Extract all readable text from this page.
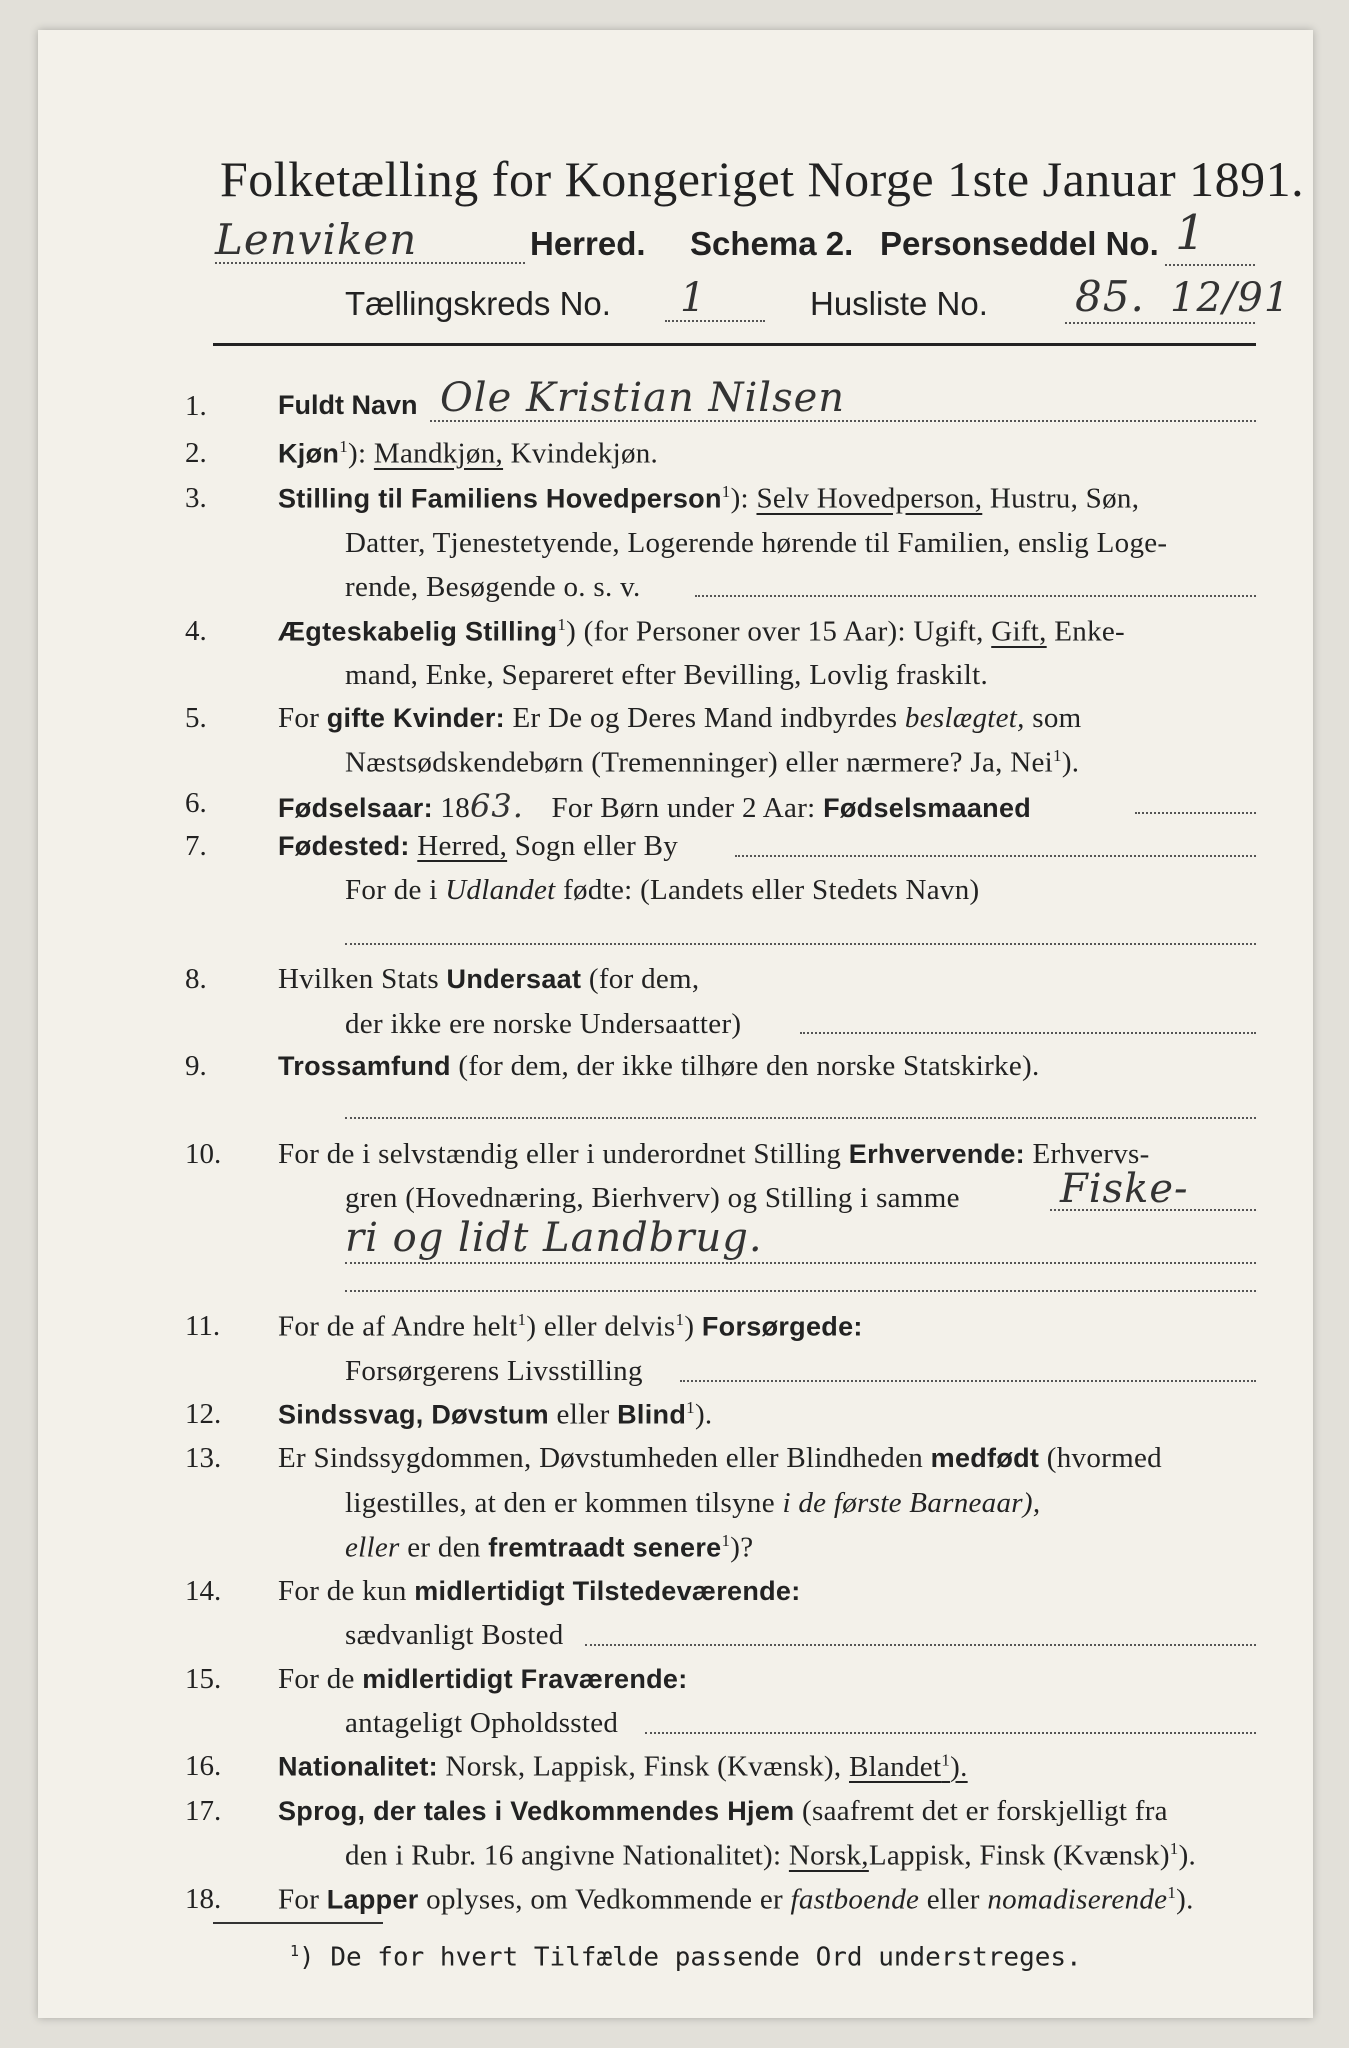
Folketælling for Kongeriget Norge 1ste Januar 1891.
Lenviken	Herred. Schema 2. Personseddel No. 1
Tællingskreds No. 1	Husliste No. 85. 12/91
1.	Fuldt Navn Ole Kristian Nilsen
2.	Kjøn$^1$): Mandkjøn, Kvindekjøn.
3.	Stilling til Familiens Hovedperson$^1$): Selv Hovedperson, Hustru, Søn,
Datter, Tjenestetyende, Logerende hørende til Familien, enslig Loge-
rende, Besøgende o. s. v.
4.	Ægteskabelig Stilling$^1$) (for Personer over 15 Aar): Ugift, Gift, Enke-
mand, Enke, Separeret efter Bevilling, Lovlig fraskilt.
5.	For gifte Kvinder: Er De og Deres Mand indbyrdes beslægtet, som
Næstsødskendebørn (Tremenninger) eller nærmere? Ja, Nei$^1$).
6.	Fødselsaar: 1863. For Børn under 2 Aar: Fødselsmaaned
7.	Fødested: Herred, Sogn eller By
For de i Udlandet fødte: (Landets eller Stedets Navn)
8.	Hvilken Stats Undersaat (for dem,
der ikke ere norske Undersaatter)
9.	Trossamfund (for dem, der ikke tilhøre den norske Statskirke).
10.	For de i selvstændig eller i underordnet Stilling Erhvervende: Erhvervs-
gren (Hovednæring, Bierhverv) og Stilling i samme	Fiske-
ri og lidt Landbrug.
11.	For de af Andre helt$^1$) eller delvis$^1$) Forsørgede:
Forsørgerens Livsstilling
12.	Sindssvag, Døvstum eller Blind$^1$).
13.	Er Sindssygdommen, Døvstumheden eller Blindheden medfødt (hvormed
ligestilles, at den er kommen tilsyne i de første Barneaar),
eller er den fremtraadt senere$^1$)?
14.	For de kun midlertidigt Tilstedeværende:
sædvanligt Bosted
15.	For de midlertidigt Fraværende:
antageligt Opholdssted
16.	Nationalitet: Norsk, Lappisk, Finsk (Kvænsk), Blandet$^1$).
17.	Sprog, der tales i Vedkommendes Hjem (saafremt det er forskjelligt fra
den i Rubr. 16 angivne Nationalitet): Norsk,Lappisk, Finsk (Kvænsk)$^1$).
18.	For Lapper oplyses, om Vedkommende er fastboende eller nomadiserende$^1$).
$^1$) De for hvert Tilfælde passende Ord understreges.
